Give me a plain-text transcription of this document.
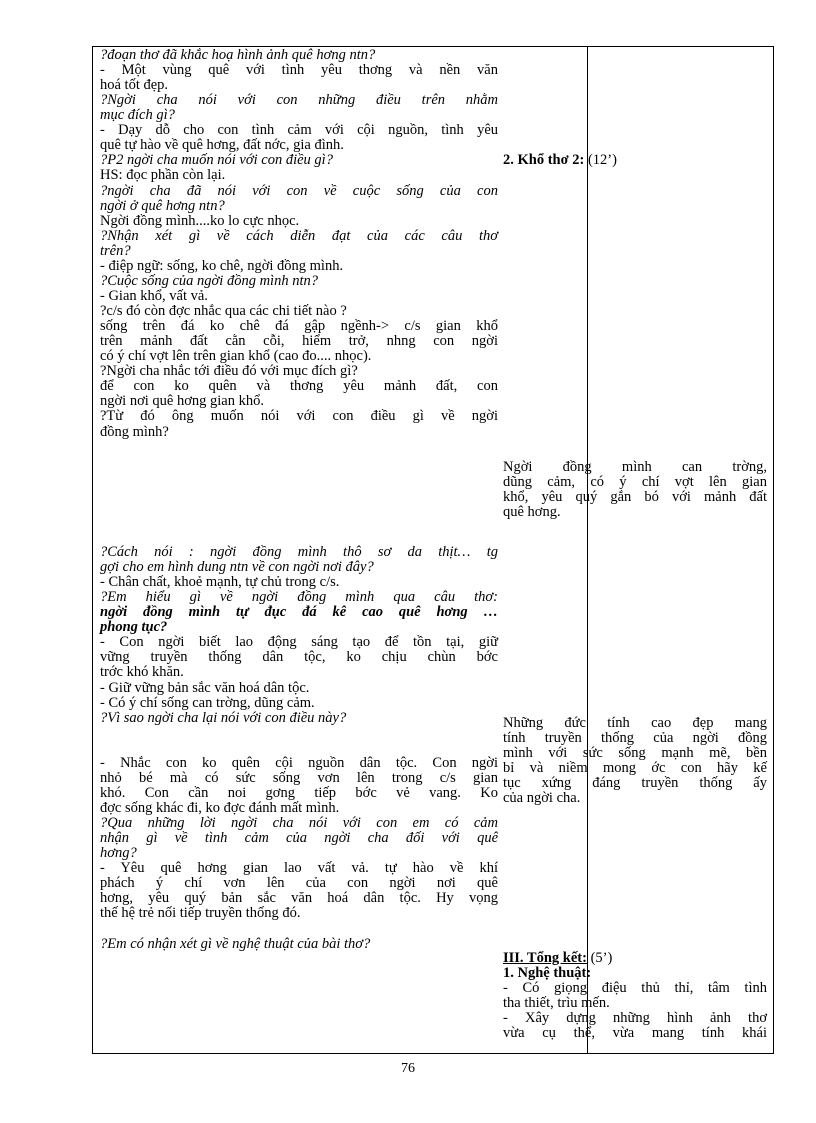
?đoạn thơ đã khắc hoạ hình ảnh quê hơng ntn?
- Một vùng quê với tình yêu thơng và nền văn
hoá tốt đẹp.
?Ngời cha nói với con những điều trên nhằm
mục đích gì?
- Dạy dỗ cho con tình cảm với cội nguồn, tình yêu
quê tự hào về quê hơng, đất nớc, gia đình.
?P2 ngời cha muốn nói với con điều gì?
HS: đọc phần còn lại.
?ngời cha đã nói với con về cuộc sống của con
ngời ở quê hơng ntn?
Ngời đồng mình....ko lo cực nhọc.
?Nhận xét gì về cách diễn đạt của các câu thơ
trên?
- điệp ngữ: sống, ko chê, ngời đồng mình.
?Cuộc sống của ngời đồng mình ntn?
- Gian khổ, vất vả.
?c/s đó còn đợc nhắc qua các chi tiết nào ?
sống trên đá ko chê đá gập ngềnh-> c/s gian khổ
trên mảnh đất cằn cỗi, hiểm trở, nhng con ngời
có ý chí vợt lên trên gian khổ (cao đo.... nhọc).
?Ngời cha nhắc tới điều đó với mục đích gì?
để con ko quên và thơng yêu mảnh đất, con
ngời nơi quê hơng gian khổ.
?Từ đó ông muốn nói với con điều gì về ngời
đồng mình?
?Cách nói : ngời đồng mình thô sơ da thịt… tg
gợi cho em hình dung ntn về con ngời nơi đây?
- Chân chất, khoẻ mạnh, tự chủ trong c/s.
?Em hiểu gì về ngời đồng mình qua câu thơ:
ngời đồng mình tự đục đá kê cao quê hơng …
phong tục?
- Con ngời biết lao động sáng tạo để tồn tại, giữ
vững truyền thống dân tộc, ko chịu chùn bớc
trớc khó khăn.
- Giữ vững bản sắc văn hoá dân tộc.
- Có ý chí sống can trờng, dũng cảm.
?Vì sao ngời cha lại nói với con điều này?
- Nhắc con ko quên cội nguồn dân tộc. Con ngời
nhỏ bé mà có sức sống vơn lên trong c/s gian
khó. Con cần noi gơng tiếp bớc vẻ vang. Ko
đợc sống khác đi, ko đợc đánh mất mình.
?Qua những lời ngời cha nói với con em có cảm
nhận gì về tình cảm của ngời cha đối với quê
hơng?
- Yêu quê hơng gian lao vất vả. tự hào về khí
phách ý chí vơn lên của con ngời nơi quê
hơng, yêu quý bản sắc văn hoá dân tộc. Hy vọng
thế hệ trẻ nối tiếp truyền thống đó.
?Em có nhận xét gì về nghệ thuật của bài thơ?
2. Khổ thơ 2: (12’)
Ngời đồng mình can trờng,
dũng cảm, có ý chí vợt lên gian
khổ, yêu quý gắn bó với mảnh đất
quê hơng.
Những đức tính cao đẹp mang
tính truyền thống của ngời đồng
mình với sức sống mạnh mẽ, bền
bỉ và niềm mong ớc con hãy kế
tục xứng đáng truyền thống ấy
của ngời cha.
III. Tổng kết: (5’)
1. Nghệ thuật:
- Có giọng điệu thủ thỉ, tâm tình
tha thiết, trìu mến.
- Xây dựng những hình ảnh thơ
vừa cụ thể, vừa mang tính khái
76
